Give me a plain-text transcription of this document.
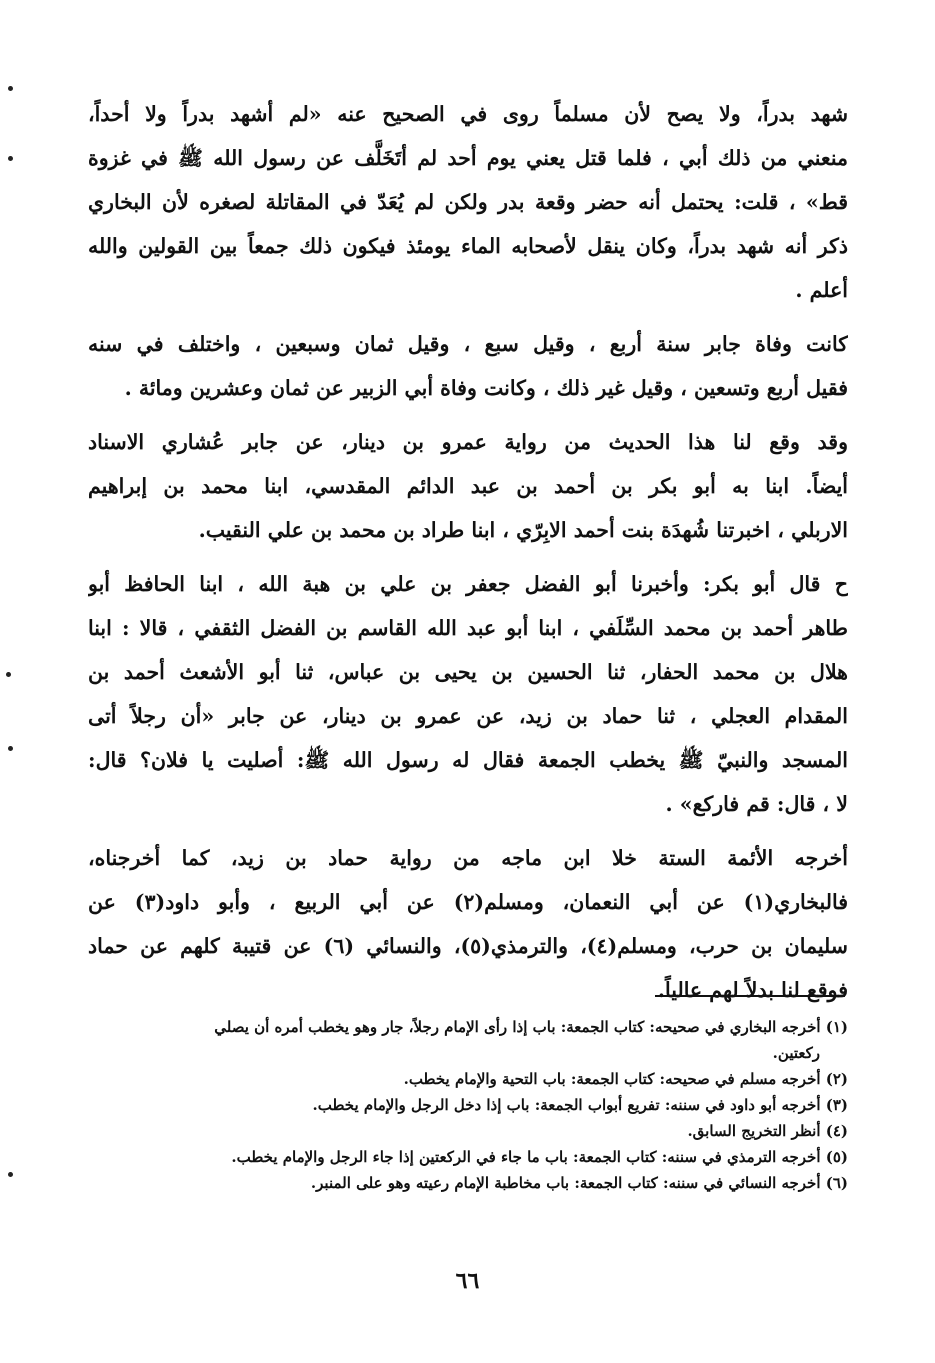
شهد بدراً، ولا يصح لأن مسلماً روى في الصحيح عنه «لم أشهد بدراً ولا أحداً،
منعني من ذلك أبي ، فلما قتل يعني يوم أحد لم أتَخَلَّف عن رسول الله ﷺ في غزوة
قط» ، قلت: يحتمل أنه حضر وقعة بدر ولكن لم يُعَدّ في المقاتلة لصغره لأن البخاري
ذكر أنه شهد بدراً، وكان ينقل لأصحابه الماء يومئذ فيكون ذلك جمعاً بين القولين والله
أعلم .
كانت وفاة جابر سنة أربع ، وقيل سبع ، وقيل ثمان وسبعين ، واختلف في سنه
فقيل أربع وتسعين ، وقيل غير ذلك ، وكانت وفاة أبي الزبير عن ثمان وعشرين ومائة .
وقد وقع لنا هذا الحديث من رواية عمرو بن دينار، عن جابر عُشاري الاسناد
أيضاً. ابنا به أبو بكر بن أحمد بن عبد الدائم المقدسي، ابنا محمد بن إبراهيم
الاربلي ، اخبرتنا شُهدَة بنت أحمد الابِرّي ، ابنا طراد بن محمد بن علي النقيب.
ح قال أبو بكر: وأخبرنا أبو الفضل جعفر بن علي بن هبة الله ، ابنا الحافظ أبو
طاهر أحمد بن محمد السِّلَفي ، ابنا أبو عبد الله القاسم بن الفضل الثقفي ، قالا : ابنا
هلال بن محمد الحفار، ثنا الحسين بن يحيى بن عباس، ثنا أبو الأشعث أحمد بن
المقدام العجلي ، ثنا حماد بن زيد، عن عمرو بن دينار، عن جابر «أن رجلاً أتى
المسجد والنبيّ ﷺ يخطب الجمعة فقال له رسول الله ﷺ: أصليت يا فلان؟ قال:
لا ، قال: قم فاركع» .
أخرجه الأئمة الستة خلا ابن ماجه من رواية حماد بن زيد، كما أخرجناه،
فالبخاري(١) عن أبي النعمان، ومسلم(٢) عن أبي الربيع ، وأبو داود(٣) عن
سليمان بن حرب، ومسلم(٤)، والترمذي(٥)، والنسائي (٦) عن قتيبة كلهم عن حماد
فوقع لنا بدلاً لهم عالياً.
(١) أخرجه البخاري في صحيحه: كتاب الجمعة: باب إذا رأى الإمام رجلاً، جار وهو يخطب أمره أن يصلي
ركعتين.
(٢) أخرجه مسلم في صحيحه: كتاب الجمعة: باب التحية والإمام يخطب.
(٣) أخرجه أبو داود في سننه: تفريع أبواب الجمعة: باب إذا دخل الرجل والإمام يخطب.
(٤) أنظر التخريج السابق.
(٥) أخرجه الترمذي في سننه: كتاب الجمعة: باب ما جاء في الركعتين إذا جاء الرجل والإمام يخطب.
(٦) أخرجه النسائي في سننه: كتاب الجمعة: باب مخاطبة الإمام رعيته وهو على المنبر.
٦٦
